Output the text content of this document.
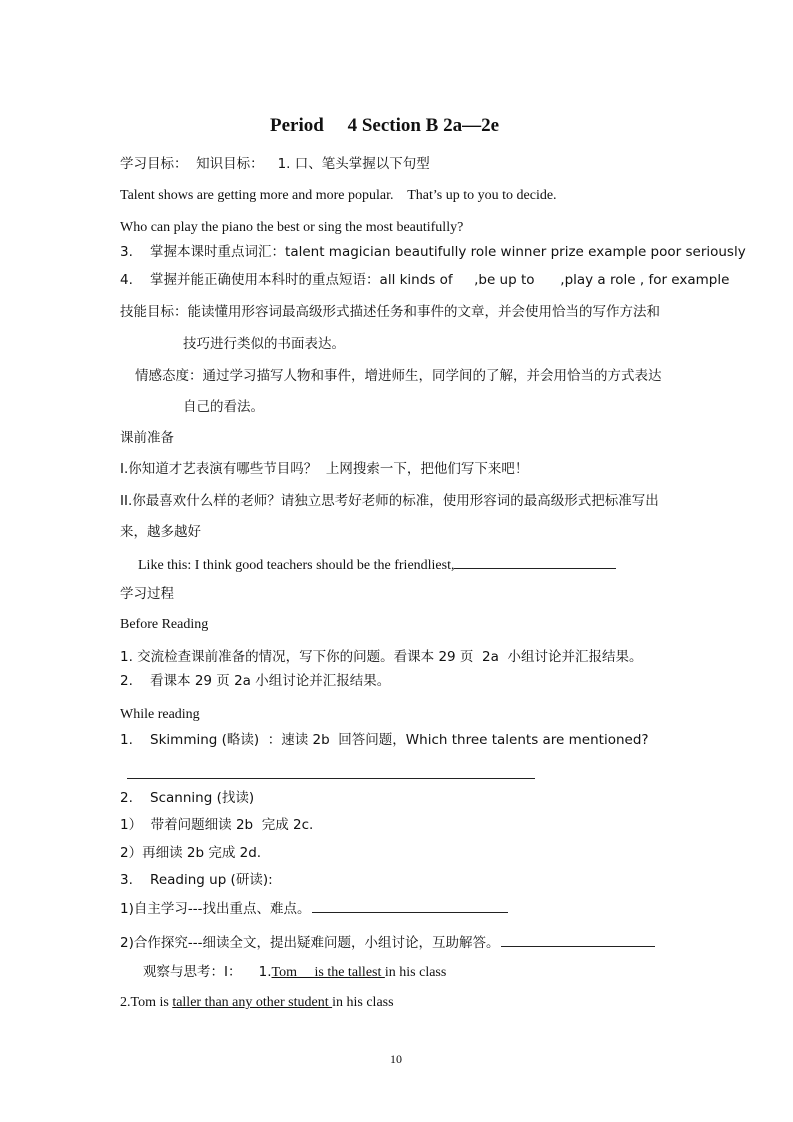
Period     4 Section B 2a—2e
学习目标：  知识目标： 1. 口、笔头掌握以下句型
Talent shows are getting more and more popular.    That’s up to you to decide.
Who can play the piano the best or sing the most beautifully?
3.    掌握本课时重点词汇：talent magician beautifully role winner prize example poor seriously
4.    掌握并能正确使用本科时的重点短语：all kinds of     ,be up to      ,play a role , for example
技能目标：能读懂用形容词最高级形式描述任务和事件的文章，并会使用恰当的写作方法和
技巧进行类似的书面表达。
情感态度：通过学习描写人物和事件，增进师生，同学间的了解，并会用恰当的方式表达
自己的看法。
课前准备
I.你知道才艺表演有哪些节目吗？  上网搜索一下，把他们写下来吧！
II.你最喜欢什么样的老师？请独立思考好老师的标准，使用形容词的最高级形式把标准写出
来，越多越好
Like this: I think good teachers should be the friendliest,
学习过程
Before Reading
1. 交流检查课前准备的情况，写下你的问题。看课本 29 页  2a  小组讨论并汇报结果。
2.    看课本 29 页 2a 小组讨论并汇报结果。
While reading
1.    Skimming (略读)  ：速读 2b  回答问题，Which three talents are mentioned?
2.    Scanning (找读)
1）  带着问题细读 2b  完成 2c.
2）再细读 2b 完成 2d.
3.    Reading up (研读):
1)自主学习---找出重点、难点。
2)合作探究---细读全文，提出疑难问题，小组讨论，互助解答。
观察与思考：I：    1.Tom     is the tallest in his class
2.Tom is taller than any other student in his class
10
